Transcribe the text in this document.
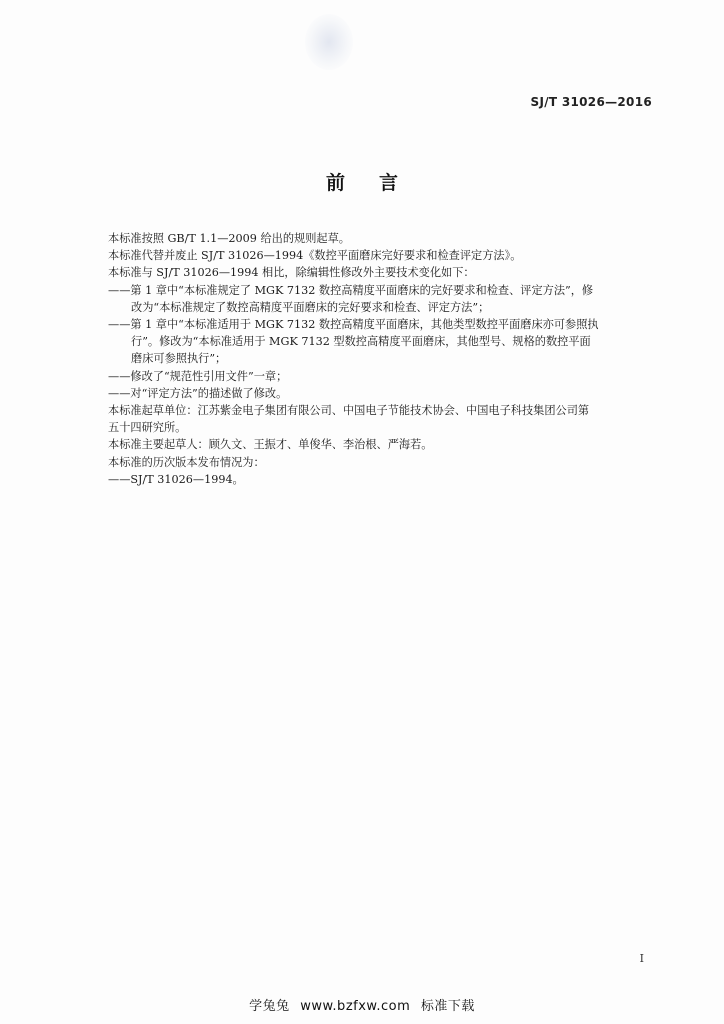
SJ/T 31026—2016
前言

本标准按照 GB/T 1.1—2009 给出的规则起草。

本标准代替并废止 SJ/T 31026—1994《数控平面磨床完好要求和检查评定方法》。

本标准与 SJ/T 31026—1994 相比，除编辑性修改外主要技术变化如下：

——第 1 章中“本标准规定了 MGK 7132 数控高精度平面磨床的完好要求和检查、评定方法”，修
改为“本标准规定了数控高精度平面磨床的完好要求和检查、评定方法”；
——第 1 章中“本标准适用于 MGK 7132 数控高精度平面磨床，其他类型数控平面磨床亦可参照执
行”。修改为“本标准适用于 MGK 7132 型数控高精度平面磨床，其他型号、规格的数控平面
磨床可参照执行”；
——修改了“规范性引用文件”一章；
——对“评定方法”的描述做了修改。

本标准起草单位：江苏紫金电子集团有限公司、中国电子节能技术协会、中国电子科技集团公司第

五十四研究所。

本标准主要起草人：顾久文、王振才、单俊华、李治根、严海若。

本标准的历次版本发布情况为：

——SJ/T 31026—1994。
I
学兔兔 www.bzfxw.com 标准下载
